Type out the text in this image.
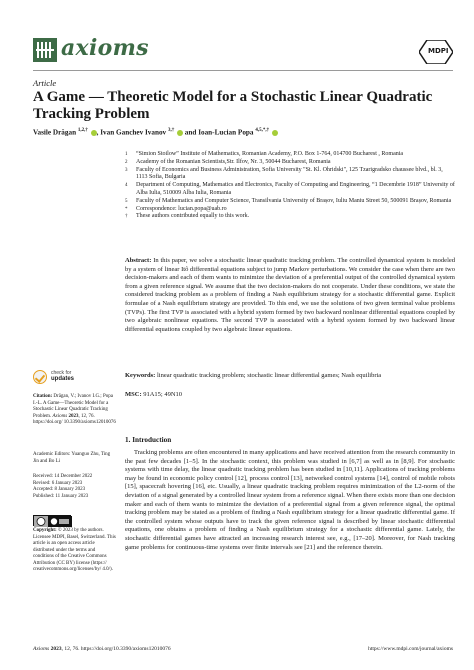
axioms	MDPI
Article
A Game — Theoretic Model for a Stochastic Linear Quadratic Tracking Problem
Vasile Drăgan $^{1,2,\dagger}$ , Ivan Ganchev Ivanov $^{3,\dagger}$  and Ioan-Lucian Popa $^{4,5,*,\dagger}$
1	“Simion Stoilow” Institute of Mathematics, Romanian Academy, P.O. Box 1-764, 014700 Bucharest , Romania
2	Academy of the Romanian Scientists,Str. Ilfov, Nr. 3, 50044 Bucharest, Romania
3	Faculty of Economics and Business Administration, Sofia University "St. Kl. Ohridski", 125 Tzarigradsko chaussee blvd., bl. 3, 1113 Sofia, Bulgaria
4	Department of Computing, Mathematics and Electronics, Faculty of Computing and Engineering, “1 Decembrie 1918” University of Alba Iulia, 510009 Alba Iulia, Romania
5	Faculty of Mathematics and Computer Science, Transilvania University of Brașov, Iuliu Maniu Street 50, 500091 Brașov, Romania
*	Correspondence: lucian.popa@uab.ro
†	These authors contributed equally to this work.
Abstract: In this paper, we solve a stochastic linear quadratic tracking problem. The controlled dynamical system is modeled by a system of linear Itô differential equations subject to jump Markov perturbations. We consider the case when there are two decision-makers and each of them wants to minimize the deviation of a preferential output of the controlled dynamical system from a given reference signal. We assume that the two decision-makers do not cooperate. Under these conditions, we state the considered tracking problem as a problem of finding a Nash equilibrium strategy for a stochastic differential game. Explicit formulae of a Nash equilibrium strategy are provided. To this end, we use the solutions of two given terminal value problems (TVPs). The first TVP is associated with a hybrid system formed by two backward nonlinear differential equations coupled by two algebraic nonlinear equations. The second TVP is associated with a hybrid system formed by two backward linear differential equations coupled by two algebraic linear equations.
Keywords: linear quadratic tracking problem; stochastic linear differential games; Nash equilibria
MSC: 91A15; 49N10
check for
updates
Citation: Drăgan, V.; Ivanov I.G.; Popa I.-L. A Game—Theoretic Model for a Stochastic Linear Quadratic Tracking Problem. Axioms 2023, 12, 76. https://doi.org/ 10.3390/axioms12010076
Academic Editors: Yuanguo Zhu, Ting Jin and Bo Li
Received: 14 December 2022
Revised: 6 January 2023
Accepted: 8 January 2023
Published: 11 January 2023
Copyright: © 2023 by the authors. Licensee MDPI, Basel, Switzerland. This article is an open access article distributed under the terms and conditions of the Creative Commons Attribution (CC BY) license (https:// creativecommons.org/licenses/by/ 4.0/).
1. Introduction

Tracking problems are often encountered in many applications and have received attention from the research community in the past few decades [1–5]. In the stochastic context, this problem was studied in [6,7] as well as in [8,9]. For stochastic systems with time delay, the linear quadratic tracking problem has been studied in [10,11]. Applications of tracking problems may be found in economic policy control [12], process control [13], networked control systems [14], control of mobile robots [15], spacecraft hovering [16], etc. Usually, a linear quadratic tracking problem requires minimization of the L2-norm of the deviation of a signal generated by a controlled linear system from a reference signal. When there exists more than one decision maker and each of them wants to minimize the deviation of a preferential signal from a given reference signal, the optimal tracking problem may be stated as a problem of finding a Nash equilibrium strategy for a linear quadratic differential game. If the controlled system whose outputs have to track the given reference signal is described by linear stochastic differential equations, one obtains a problem of finding a Nash equilibrium strategy for a stochastic differential game. Lately, the stochastic differential games have attracted an increasing research interest see, e.g., [17–20]. Moreover, for Nash tracking game problems for continuous-time systems over finite intervals see [21] and the reference therein.

Axioms 2023, 12, 76. https://doi.org/10.3390/axioms12010076	https://www.mdpi.com/journal/axioms
